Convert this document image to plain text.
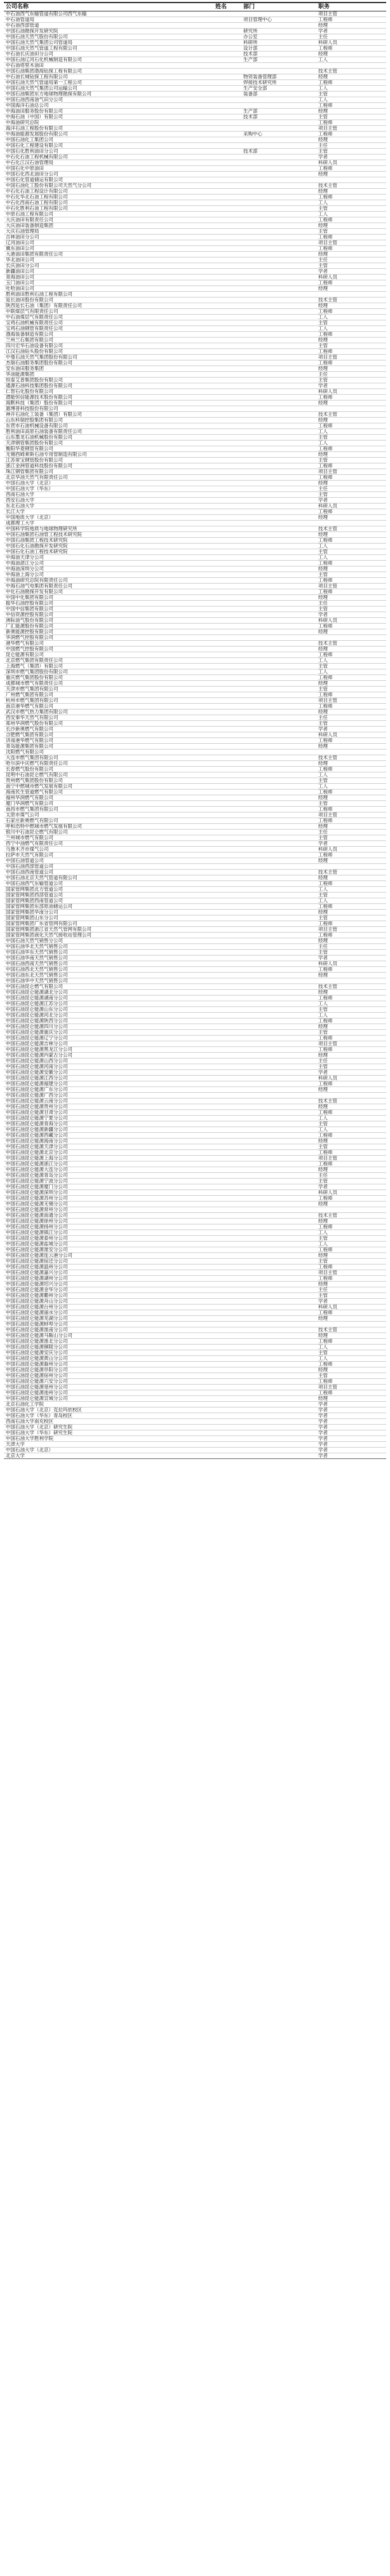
公司名称	姓名	部门	职务
中石油西气东输管道有限公司西气东输			项目主管
中石油管道局		项目管理中心	工程师
中石油西部管道			经理
中国石油勘探开发研究院		研究所	学者
中国石油天然气股份有限公司		办公室	主任
中国石油天然气集团公司管道局		科研所	科研人员
中国石油天然气管道工程有限公司		设计部	工程师
中石油长庆油田分公司		技术部	经理
中国石油辽河石化机械制造有限公司		生产部	工人
中石油塔里木油田			
中国石油集团渤海钻探工程有限公司			技术主管
中石油长城钻探工程有限公司		物资装备管理部	经理
中国石油天然气管道局第一工程公司		焊接技术研究所	工程师
中国石油天然气集团公司运输公司		生产安全部	工人
中国石油集团东方地球物理勘探有限公司		装备部	主管
中国石油西南油气田分公司			工人
中国海洋石油总公司			工程师
中海油田服务股份有限公司		生产部	经理
中海石油（中国）有限公司		技术部	主管
中海油研究总院			工程师
海洋石油工程股份有限公司			项目主管
中海油能源发展股份有限公司		采购中心	工程师
中国石油化工集团公司			经理
中国石化工程建设有限公司			主任
中国石化胜利油田分公司		技术部	主管
中石化石油工程机械有限公司			学者
中石化江汉石油管理局			科研人员
中国石化中原油田			工程师
中国石化西北油田分公司			经理
中国石化管道储运有限公司			
中国石油化工股份有限公司天然气分公司			技术主管
中石化石油工程设计有限公司			经理
中石化华北石油工程有限公司			工程师
中石化西南石油工程有限公司			工人
中石化胜利石油工程有限公司			主管
中原石油工程有限公司			工人
大庆油田有限责任公司			工程师
大庆油田装备制造集团			经理
大庆石油管理局			主管
吉林油田分公司			工程师
辽河油田公司			项目主管
冀东油田公司			工程师
大港油田集团有限责任公司			经理
华北油田公司			主任
长庆油田分公司			主管
新疆油田公司			学者
青海油田公司			科研人员
玉门油田公司			工程师
吐哈油田公司			经理
胜利油田胜利石油工程有限公司			
延长油田股份有限公司			技术主管
陕西延长石油（集团）有限责任公司			经理
中联煤层气有限责任公司			工程师
中石油煤层气有限责任公司			工人
宝鸡石油机械有限责任公司			主管
宝鸡石油钢管有限责任公司			工人
渤海装备制造有限公司			工程师
兰州兰石集团有限公司			经理
四川宏华石油设备有限公司			主管
江汉石油钻头股份有限公司			工程师
中曼石油天然气集团股份有限公司			项目主管
杰瑞石油服务集团股份有限公司			工程师
安东油田服务集团			经理
华油能源集团			主任
恒泰艾普集团股份有限公司			主管
通源石油科技集团股份有限公司			学者
仁智石化股份有限公司			科研人员
潜能恒信能源技术股份有限公司			工程师
海默科技（集团）股份有限公司			经理
惠博普科技股份有限公司			
神开石油化工装备（集团）有限公司			技术主管
山东科瑞控股集团有限公司			经理
东营市石油机械设备有限公司			工程师
胜利油田高原石油装备有限责任公司			工人
山东墨龙石油机械股份有限公司			主管
天津钢管集团股份有限公司			工人
衡阳华菱钢管有限公司			工程师
无锡西姆莱斯石油专用管制造有限公司			经理
江苏常宝钢管股份有限公司			主管
浙江金洲管道科技股份有限公司			工程师
珠江钢管集团有限公司			项目主管
北京华油天然气有限责任公司			工程师
中国石油大学（北京）			经理
中国石油大学（华东）			主任
西南石油大学			主管
西安石油大学			学者
东北石油大学			科研人员
长江大学			工程师
中国地质大学（北京）			经理
成都理工大学			
中国科学院地质与地球物理研究所			技术主管
中国石油集团石油管工程技术研究院			经理
中国石油集团工程技术研究院			工程师
中国石化石油勘探开发研究院			工人
中国石化石油工程技术研究院			主管
中海油天津分公司			工人
中海油湛江分公司			工程师
中海油深圳分公司			经理
中海油上海分公司			主管
中海油研究总院有限责任公司			工程师
中海石油气电集团有限责任公司			项目主管
中化石油勘探开发有限公司			工程师
中国中化集团有限公司			经理
振华石油控股有限公司			主任
中国中信集团有限公司			主管
中信资源控股有限公司			学者
洲际油气股份有限公司			科研人员
广汇能源股份有限公司			工程师
新奥能源控股有限公司			经理
华润燃气控股有限公司			
港华燃气有限公司			技术主管
中国燃气控股有限公司			经理
昆仑能源有限公司			工程师
北京燃气集团有限责任公司			工人
上海燃气（集团）有限公司			主管
深圳市燃气集团股份有限公司			工人
重庆燃气集团股份有限公司			工程师
成都城市燃气有限责任公司			经理
天津市燃气集团有限公司			主管
广州燃气集团有限公司			工程师
杭州市燃气集团有限公司			项目主管
南京港华燃气有限公司			工程师
武汉市燃气热力集团有限公司			经理
西安秦华天然气有限公司			主任
郑州华润燃气股份有限公司			主管
长沙新奥燃气有限公司			学者
合肥燃气集团有限公司			科研人员
济南港华燃气有限公司			工程师
青岛能源集团有限公司			经理
沈阳燃气有限公司			
大连市燃气集团有限公司			技术主管
哈尔滨中庆燃气有限责任公司			经理
长春燃气股份有限公司			工程师
昆明中石油昆仑燃气有限公司			工人
贵州燃气集团股份有限公司			主管
南宁中燃城市燃气发展有限公司			工人
海南民生管道燃气有限公司			工程师
福州华润燃气有限公司			经理
厦门华润燃气有限公司			主管
南昌市燃气集团有限公司			工程师
太原市煤气公司			项目主管
石家庄新奥燃气有限公司			工程师
呼和浩特中燃城市燃气发展有限公司			经理
银川中石油昆仑燃气有限公司			主任
兰州城市燃气有限公司			主管
西宁中油燃气有限责任公司			学者
乌鲁木齐市煤气公司			科研人员
拉萨市天然气有限公司			工程师
中国石油管道公司			经理
中国石油西部管道公司			
中国石油西南管道公司			技术主管
中国石油北京天然气管道有限公司			经理
中国石油西气东输管道公司			工程师
国家管网集团北方管道公司			工人
国家管网集团西部管道公司			主管
国家管网集团西南管道公司			工人
国家管网集团东部原油储运公司			工程师
国家管网集团华南分公司			经理
国家管网集团山东分公司			主管
国家管网集团广东省管网有限公司			工程师
国家管网集团浙江省天然气管网有限公司			项目主管
国家管网集团液化天然气接收站管理公司			工程师
中国石油天然气销售分公司			经理
中国石油华北天然气销售公司			主任
中国石油华东天然气销售公司			主管
中国石油华南天然气销售公司			学者
中国石油西南天然气销售公司			科研人员
中国石油西北天然气销售公司			工程师
中国石油东北天然气销售公司			经理
中国石油华中天然气销售公司			
中国石油昆仑燃气有限公司			技术主管
中国石油昆仑能源湖北分公司			经理
中国石油昆仑能源湖南分公司			工程师
中国石油昆仑能源江苏分公司			工人
中国石油昆仑能源山东分公司			主管
中国石油昆仑能源河北分公司			工人
中国石油昆仑能源陕西分公司			工程师
中国石油昆仑能源四川分公司			经理
中国石油昆仑能源重庆分公司			主管
中国石油昆仑能源辽宁分公司			工程师
中国石油昆仑能源吉林分公司			项目主管
中国石油昆仑能源黑龙江分公司			工程师
中国石油昆仑能源内蒙古分公司			经理
中国石油昆仑能源山西分公司			主任
中国石油昆仑能源河南分公司			主管
中国石油昆仑能源安徽分公司			学者
中国石油昆仑能源江西分公司			科研人员
中国石油昆仑能源福建分公司			工程师
中国石油昆仑能源广东分公司			经理
中国石油昆仑能源广西分公司			
中国石油昆仑能源云南分公司			技术主管
中国石油昆仑能源贵州分公司			经理
中国石油昆仑能源甘肃分公司			工程师
中国石油昆仑能源宁夏分公司			工人
中国石油昆仑能源青海分公司			主管
中国石油昆仑能源新疆分公司			工人
中国石油昆仑能源西藏分公司			工程师
中国石油昆仑能源海南分公司			经理
中国石油昆仑能源天津分公司			主管
中国石油昆仑能源北京分公司			工程师
中国石油昆仑能源上海分公司			项目主管
中国石油昆仑能源浙江分公司			工程师
中国石油昆仑能源大连分公司			经理
中国石油昆仑能源青岛分公司			主任
中国石油昆仑能源宁波分公司			主管
中国石油昆仑能源厦门分公司			学者
中国石油昆仑能源深圳分公司			科研人员
中国石油昆仑能源苏州分公司			工程师
中国石油昆仑能源无锡分公司			经理
中国石油昆仑能源常州分公司			
中国石油昆仑能源南通分公司			技术主管
中国石油昆仑能源徐州分公司			经理
中国石油昆仑能源扬州分公司			工程师
中国石油昆仑能源镇江分公司			工人
中国石油昆仑能源泰州分公司			主管
中国石油昆仑能源盐城分公司			工人
中国石油昆仑能源淮安分公司			工程师
中国石油昆仑能源连云港分公司			经理
中国石油昆仑能源宿迁分公司			主管
中国石油昆仑能源温州分公司			工程师
中国石油昆仑能源嘉兴分公司			项目主管
中国石油昆仑能源湖州分公司			工程师
中国石油昆仑能源绍兴分公司			经理
中国石油昆仑能源金华分公司			主任
中国石油昆仑能源衢州分公司			主管
中国石油昆仑能源舟山分公司			学者
中国石油昆仑能源台州分公司			科研人员
中国石油昆仑能源丽水分公司			工程师
中国石油昆仑能源芜湖分公司			经理
中国石油昆仑能源蚌埠分公司			
中国石油昆仑能源淮南分公司			技术主管
中国石油昆仑能源马鞍山分公司			经理
中国石油昆仑能源淮北分公司			工程师
中国石油昆仑能源铜陵分公司			工人
中国石油昆仑能源安庆分公司			主管
中国石油昆仑能源黄山分公司			工人
中国石油昆仑能源滁州分公司			工程师
中国石油昆仑能源阜阳分公司			经理
中国石油昆仑能源宿州分公司			主管
中国石油昆仑能源六安分公司			工程师
中国石油昆仑能源亳州分公司			项目主管
中国石油昆仑能源池州分公司			工程师
中国石油昆仑能源宣城分公司			经理
北京石油化工学院			学者
中国石油大学（北京）克拉玛依校区			学者
中国石油大学（华东）青岛校区			学者
西南石油大学南充校区			学者
中国石油大学（北京）研究生院			学者
中国石油大学（华东）研究生院			学者
中国石油大学胜利学院			学者
天津大学			学者
中国石油大学（北京）			学者
北京大学			学者
